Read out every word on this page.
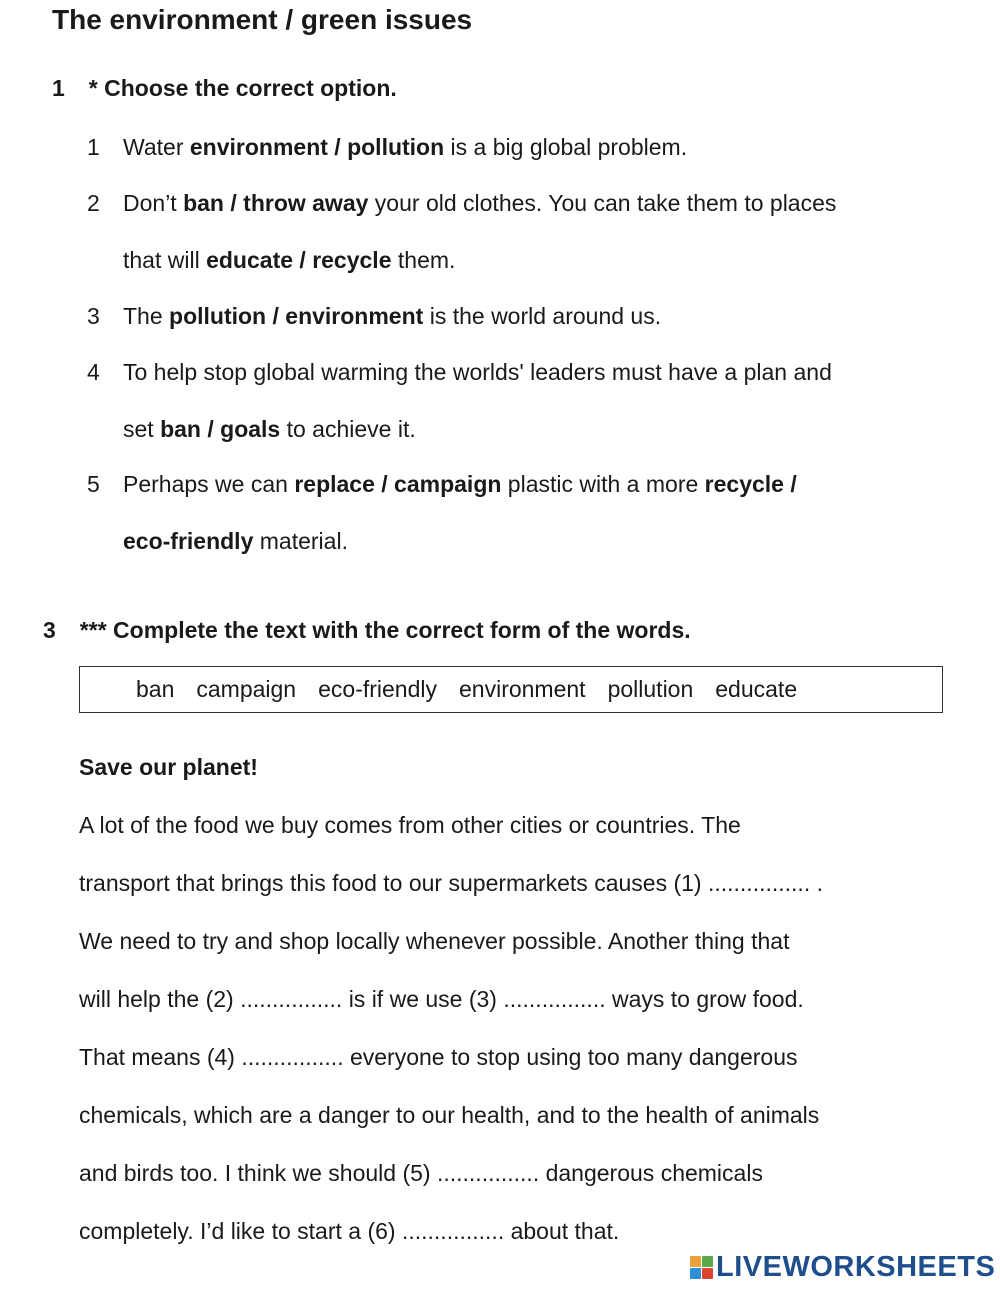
The environment / green issues
1 * Choose the correct option.
1 Water environment / pollution is a big global problem.
2 Don’t ban / throw away your old clothes. You can take them to places
that will educate / recycle them.
3 The pollution / environment is the world around us.
4 To help stop global warming the worlds' leaders must have a plan and
set ban / goals to achieve it.
5 Perhaps we can replace / campaign plastic with a more recycle /
eco-friendly material.
3 *** Complete the text with the correct form of the words.
ban campaign eco-friendly environment pollution educate
Save our planet!
A lot of the food we buy comes from other cities or countries. The
transport that brings this food to our supermarkets causes (1) ................ .
We need to try and shop locally whenever possible. Another thing that
will help the (2) ................ is if we use (3) ................ ways to grow food.
That means (4) ................ everyone to stop using too many dangerous
chemicals, which are a danger to our health, and to the health of animals
and birds too. I think we should (5) ................ dangerous chemicals
completely. I’d like to start a (6) ................ about that.
LIVEWORKSHEETS
